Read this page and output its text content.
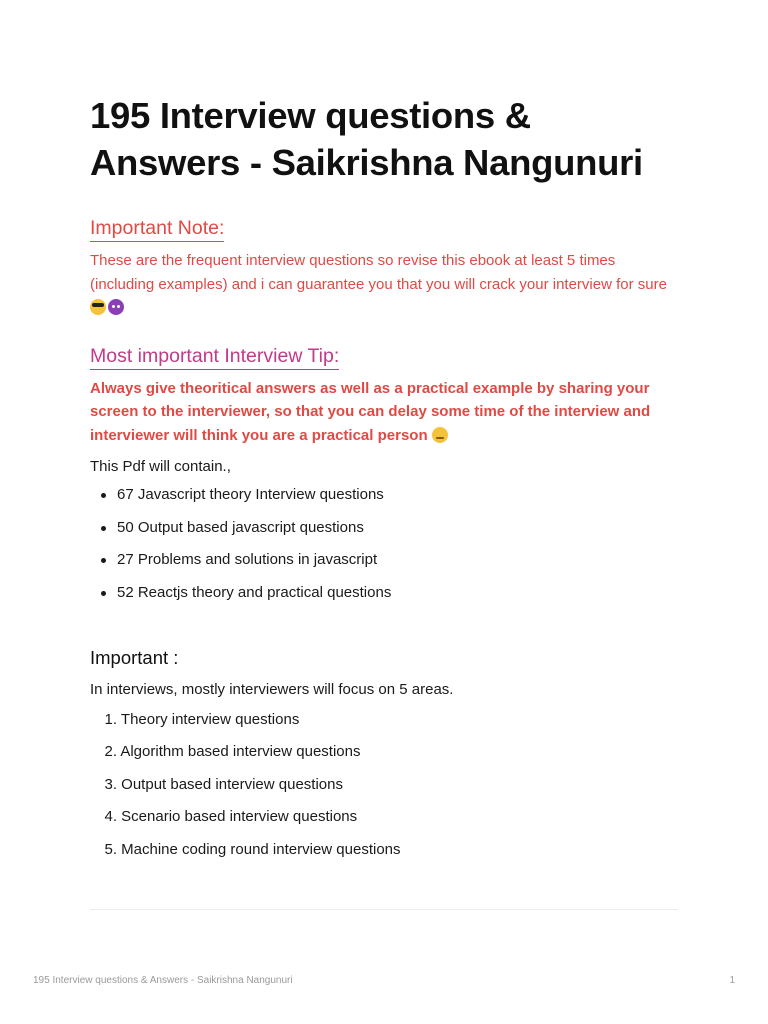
195 Interview questions &
Answers - Saikrishna Nangunuri
Important Note:

These are the frequent interview questions so revise this ebook at least 5 times (including examples) and i can guarantee you that you will crack your interview for sure

Most important Interview Tip:

Always give theoritical answers as well as a practical example by sharing your screen to the interviewer, so that you can delay some time of the interview and interviewer will think you are a practical person

This Pdf will contain.,

67 Javascript theory Interview questions
50 Output based javascript questions
27 Problems and solutions in javascript
52 Reactjs theory and practical questions
Important :

In interviews, mostly interviewers will focus on 5 areas.

1. Theory interview questions
2. Algorithm based interview questions
3. Output based interview questions
4. Scenario based interview questions
5. Machine coding round interview questions
195 Interview questions & Answers - Saikrishna Nangunuri	1
